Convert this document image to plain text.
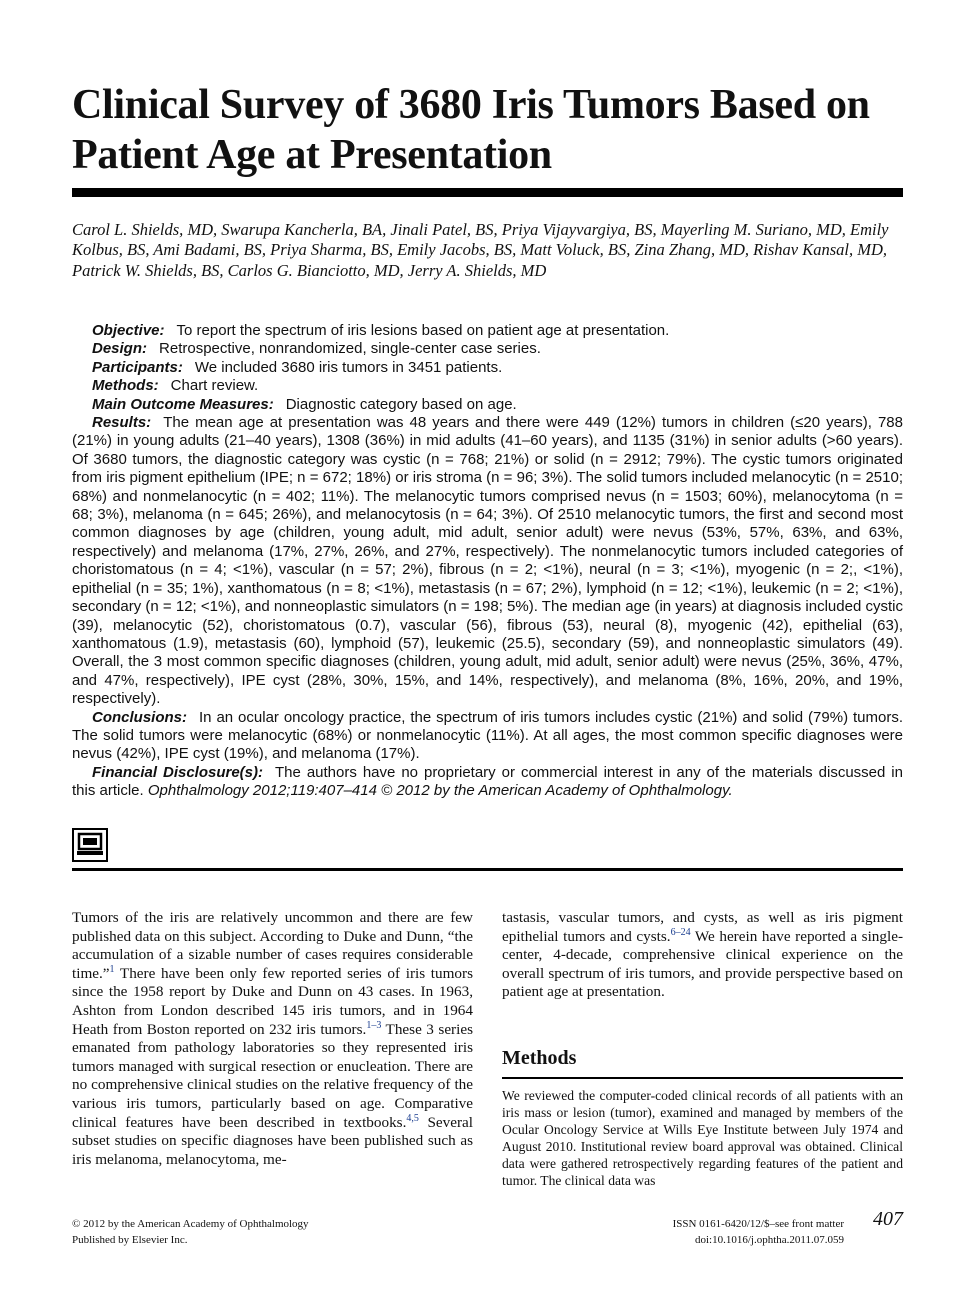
Clinical Survey of 3680 Iris Tumors Based on Patient Age at Presentation
Carol L. Shields, MD, Swarupa Kancherla, BA, Jinali Patel, BS, Priya Vijayvargiya, BS, Mayerling M. Suriano, MD, Emily Kolbus, BS, Ami Badami, BS, Priya Sharma, BS, Emily Jacobs, BS, Matt Voluck, BS, Zina Zhang, MD, Rishav Kansal, MD, Patrick W. Shields, BS, Carlos G. Bianciotto, MD, Jerry A. Shields, MD

Objective: To report the spectrum of iris lesions based on patient age at presentation.

Design: Retrospective, nonrandomized, single-center case series.

Participants: We included 3680 iris tumors in 3451 patients.

Methods: Chart review.

Main Outcome Measures: Diagnostic category based on age.

Results: The mean age at presentation was 48 years and there were 449 (12%) tumors in children (≤20 years), 788 (21%) in young adults (21–40 years), 1308 (36%) in mid adults (41–60 years), and 1135 (31%) in senior adults (>60 years). Of 3680 tumors, the diagnostic category was cystic (n = 768; 21%) or solid (n = 2912; 79%). The cystic tumors originated from iris pigment epithelium (IPE; n = 672; 18%) or iris stroma (n = 96; 3%). The solid tumors included melanocytic (n = 2510; 68%) and nonmelanocytic (n = 402; 11%). The melanocytic tumors comprised nevus (n = 1503; 60%), melanocytoma (n = 68; 3%), melanoma (n = 645; 26%), and melanocytosis (n = 64; 3%). Of 2510 melanocytic tumors, the first and second most common diagnoses by age (children, young adult, mid adult, senior adult) were nevus (53%, 57%, 63%, and 63%, respectively) and melanoma (17%, 27%, 26%, and 27%, respectively). The nonmelanocytic tumors included categories of choristomatous (n = 4; <1%), vascular (n = 57; 2%), fibrous (n = 2; <1%), neural (n = 3; <1%), myogenic (n = 2;, <1%), epithelial (n = 35; 1%), xanthomatous (n = 8; <1%), metastasis (n = 67; 2%), lymphoid (n = 12; <1%), leukemic (n = 2; <1%), secondary (n = 12; <1%), and nonneoplastic simulators (n = 198; 5%). The median age (in years) at diagnosis included cystic (39), melanocytic (52), choristomatous (0.7), vascular (56), fibrous (53), neural (8), myogenic (42), epithelial (63), xanthomatous (1.9), metastasis (60), lymphoid (57), leukemic (25.5), secondary (59), and nonneoplastic simulators (49). Overall, the 3 most common specific diagnoses (children, young adult, mid adult, senior adult) were nevus (25%, 36%, 47%, and 47%, respectively), IPE cyst (28%, 30%, 15%, and 14%, respectively), and melanoma (8%, 16%, 20%, and 19%, respectively).

Conclusions: In an ocular oncology practice, the spectrum of iris tumors includes cystic (21%) and solid (79%) tumors. The solid tumors were melanocytic (68%) or nonmelanocytic (11%). At all ages, the most common specific diagnoses were nevus (42%), IPE cyst (19%), and melanoma (17%).

Financial Disclosure(s): The authors have no proprietary or commercial interest in any of the materials discussed in this article. Ophthalmology 2012;119:407–414 © 2012 by the American Academy of Ophthalmology.

Tumors of the iris are relatively uncommon and there are few published data on this subject. According to Duke and Dunn, “the accumulation of a sizable number of cases requires considerable time.”$^1$ There have been only few reported series of iris tumors since the 1958 report by Duke and Dunn on 43 cases. In 1963, Ashton from London described 145 iris tumors, and in 1964 Heath from Boston reported on 232 iris tumors.$^{1-3}$ These 3 series emanated from pathology laboratories so they represented iris tumors managed with surgical resection or enucleation. There are no comprehensive clinical studies on the relative frequency of the various iris tumors, particularly based on age. Comparative clinical features have been described in textbooks.$^{4,5}$ Several subset studies on specific diagnoses have been published such as iris melanoma, melanocytoma, me-

tastasis, vascular tumors, and cysts, as well as iris pigment epithelial tumors and cysts.$^{6-24}$ We herein have reported a single-center, 4-decade, comprehensive clinical experience on the overall spectrum of iris tumors, and provide perspective based on patient age at presentation.

Methods

We reviewed the computer-coded clinical records of all patients with an iris mass or lesion (tumor), examined and managed by members of the Ocular Oncology Service at Wills Eye Institute between July 1974 and August 2010. Institutional review board approval was obtained. Clinical data were gathered retrospectively regarding features of the patient and tumor. The clinical data was

© 2012 by the American Academy of Ophthalmology
Published by Elsevier Inc.
ISSN 0161-6420/12/$–see front matter
doi:10.1016/j.ophtha.2011.07.059
407
